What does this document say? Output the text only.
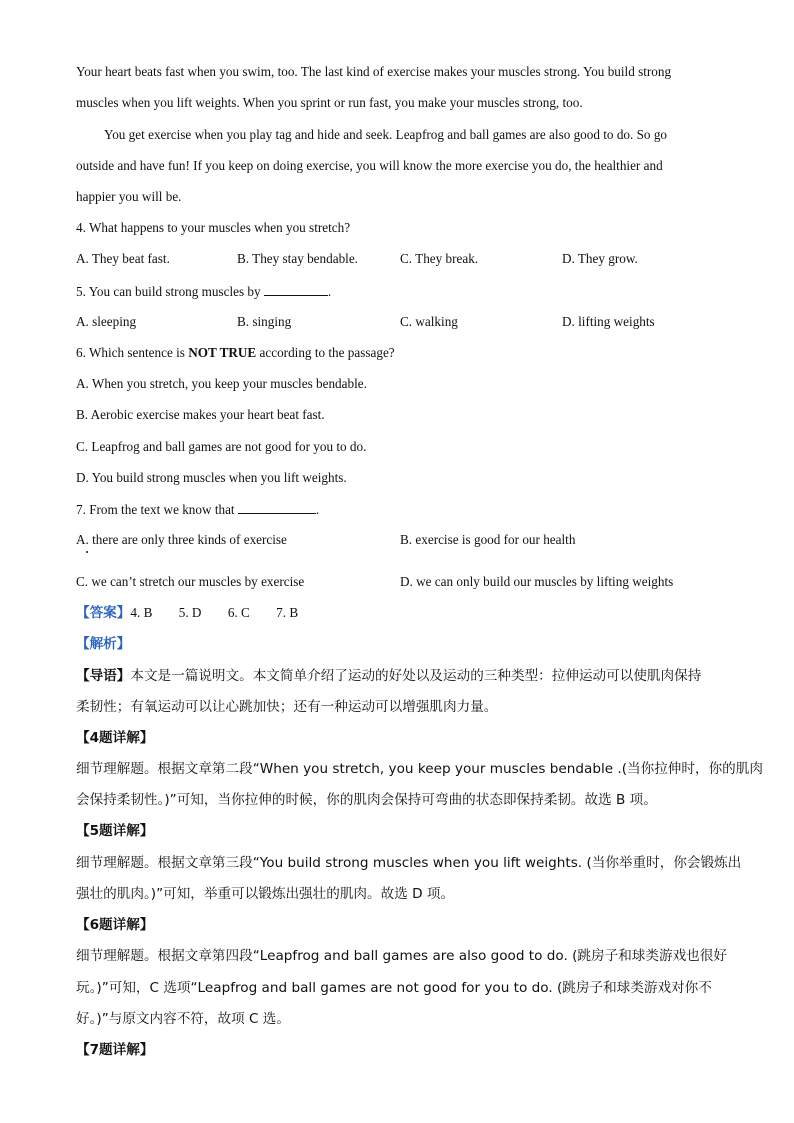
Your heart beats fast when you swim, too. The last kind of exercise makes your muscles strong. You build strong
muscles when you lift weights. When you sprint or run fast, you make your muscles strong, too.
You get exercise when you play tag and hide and seek. Leapfrog and ball games are also good to do. So go
outside and have fun! If you keep on doing exercise, you will know the more exercise you do, the healthier and
happier you will be.
4. What happens to your muscles when you stretch?
A. They beat fast.	B. They stay bendable.	C. They break.	D. They grow.
5. You can build strong muscles by	.
A. sleeping	B. singing	C. walking	D. lifting weights
6. Which sentence is NOT TRUE according to the passage?
A. When you stretch, you keep your muscles bendable.
B. Aerobic exercise makes your heart beat fast.
C. Leapfrog and ball games are not good for you to do.
D. You build strong muscles when you lift weights.
7. From the text we know that	.
A. there are only three kinds of exercise	B. exercise is good for our health
C. we can’t stretch our muscles by exercise	D. we can only build our muscles by lifting weights
【答案】4. B        5. D        6. C        7. B
【解析】
【导语】本文是一篇说明文。本文简单介绍了运动的好处以及运动的三种类型：拉伸运动可以使肌肉保持
柔韧性；有氧运动可以让心跳加快；还有一种运动可以增强肌肉力量。
【4题详解】
细节理解题。根据文章第二段“When you stretch, you keep your muscles bendable .(当你拉伸时，你的肌肉
会保持柔韧性。)”可知，当你拉伸的时候，你的肌肉会保持可弯曲的状态即保持柔韧。故选 B 项。
【5题详解】
细节理解题。根据文章第三段“You build strong muscles when you lift weights. (当你举重时，你会锻炼出
强壮的肌肉。)”可知，举重可以锻炼出强壮的肌肉。故选 D 项。
【6题详解】
细节理解题。根据文章第四段“Leapfrog and ball games are also good to do. (跳房子和球类游戏也很好
玩。)”可知，C 选项“Leapfrog and ball games are not good for you to do. (跳房子和球类游戏对你不
好。)”与原文内容不符，故项 C 选。
【7题详解】
